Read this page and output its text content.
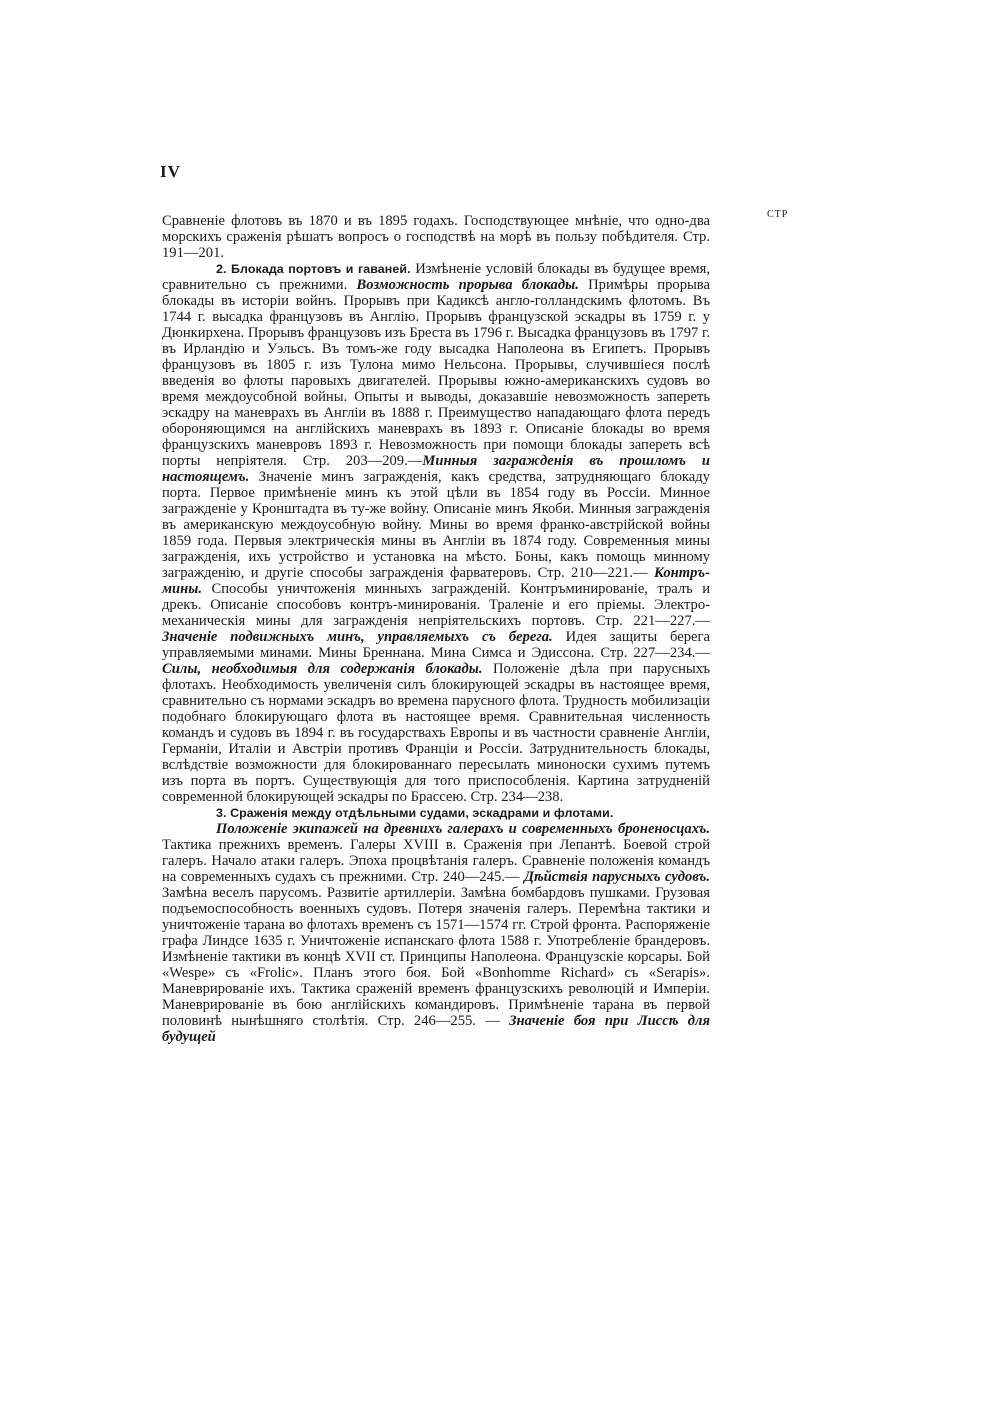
IV
СТР

Сравненіе флотовъ въ 1870 и въ 1895 годахъ. Господствующее мнѣніе, что одно-два морскихъ сраженія рѣшатъ вопросъ о господствѣ на морѣ въ пользу побѣдителя. Стр. 191—201.

2. Блокада портовъ и гаваней. Измѣненіе условій блокады въ будущее время, сравнительно съ прежними. Возможность прорыва блокады. Примѣры прорыва блокады въ исторіи войнъ. Прорывъ при Кадиксѣ англо-голландскимъ флотомъ. Въ 1744 г. высадка французовъ въ Англію. Прорывъ французской эскадры въ 1759 г. у Дюнкирхена. Прорывъ французовъ изъ Бреста въ 1796 г. Высадка французовъ въ 1797 г. въ Ирландію и Уэльсъ. Въ томъ-же году высадка Наполеона въ Египетъ. Прорывъ французовъ въ 1805 г. изъ Тулона мимо Нельсона. Прорывы, случившіеся послѣ введенія во флоты паровыхъ двигателей. Прорывы южно-американскихъ судовъ во время междоусобной войны. Опыты и выводы, доказавшіе невозможность запереть эскадру на маневрахъ въ Англіи въ 1888 г. Преимущество нападающаго флота передъ обороняющимся на англійскихъ маневрахъ въ 1893 г. Описаніе блокады во время французскихъ маневровъ 1893 г. Невозможность при помощи блокады запереть всѣ порты непріятеля. Стр. 203—209.—Минныя загражденія въ прошломъ и настоящемъ. Значеніе минъ загражденія, какъ средства, затрудняющаго блокаду порта. Первое примѣненіе минъ къ этой цѣли въ 1854 году въ Россіи. Минное загражденіе у Кронштадта въ ту-же войну. Описаніе минъ Якоби. Минныя загражденія въ американскую междоусобную войну. Мины во время франко-австрійской войны 1859 года. Первыя электрическія мины въ Англіи въ 1874 году. Современныя мины загражденія, ихъ устройство и установка на мѣсто. Боны, какъ помощь минному загражденію, и другіе способы загражденія фарватеровъ. Стр. 210—221.— Контръ-мины. Способы уничтоженія минныхъ загражденій. Контръминированіе, тралъ и дрекъ. Описаніе способовъ контръ-минированія. Траленіе и его пріемы. Электро-механическія мины для загражденія непріятельскихъ портовъ. Стр. 221—227.—Значеніе подвижныхъ минъ, управляемыхъ съ берега. Идея защиты берега управляемыми минами. Мины Бреннана. Мина Симса и Эдиссона. Стр. 227—234.—Силы, необходимыя для содержанія блокады. Положеніе дѣла при парусныхъ флотахъ. Необходимость увеличенія силъ блокирующей эскадры въ настоящее время, сравнительно съ нормами эскадръ во времена парусного флота. Трудность мобилизаціи подобнаго блокирующаго флота въ настоящее время. Сравнительная численность командъ и судовъ въ 1894 г. въ государствахъ Европы и въ частности сравненіе Англіи, Германіи, Италіи и Австріи противъ Франціи и Россіи. Затруднительность блокады, вслѣдствіе возможности для блокированнаго пересылать миноноски сухимъ путемъ изъ порта въ портъ. Существующія для того приспособленія. Картина затрудненій современной блокирующей эскадры по Брассею. Стр. 234—238.

3. Сраженія между отдѣльными судами, эскадрами и флотами.

Положеніе экипажей на древнихъ галерахъ и современныхъ броненосцахъ. Тактика прежнихъ временъ. Галеры XVIII в. Сраженія при Лепантѣ. Боевой строй галеръ. Начало атаки галеръ. Эпоха процвѣтанія галеръ. Сравненіе положенія командъ на современныхъ судахъ съ прежними. Стр. 240—245.— Дѣйствія парусныхъ судовъ. Замѣна веселъ парусомъ. Развитіе артиллеріи. Замѣна бомбардовъ пушками. Грузовая подъемоспособность военныхъ судовъ. Потеря значенія галеръ. Перемѣна тактики и уничтоженіе тарана во флотахъ временъ съ 1571—1574 гг. Строй фронта. Распоряженіе графа Линдсе 1635 г. Уничтоженіе испанскаго флота 1588 г. Употребленіе брандеровъ. Измѣненіе тактики въ концѣ XVII ст. Принципы Наполеона. Французскіе корсары. Бой «Wespe» съ «Frolic». Планъ этого боя. Бой «Bonhomme Richard» съ «Serapis». Маневрированіе ихъ. Тактика сраженій временъ французскихъ революцій и Имперіи. Маневрированіе въ бою англійскихъ командировъ. Примѣненіе тарана въ первой половинѣ нынѣшняго столѣтія. Стр. 246—255. — Значеніе боя при Лиссѣ для будущей
